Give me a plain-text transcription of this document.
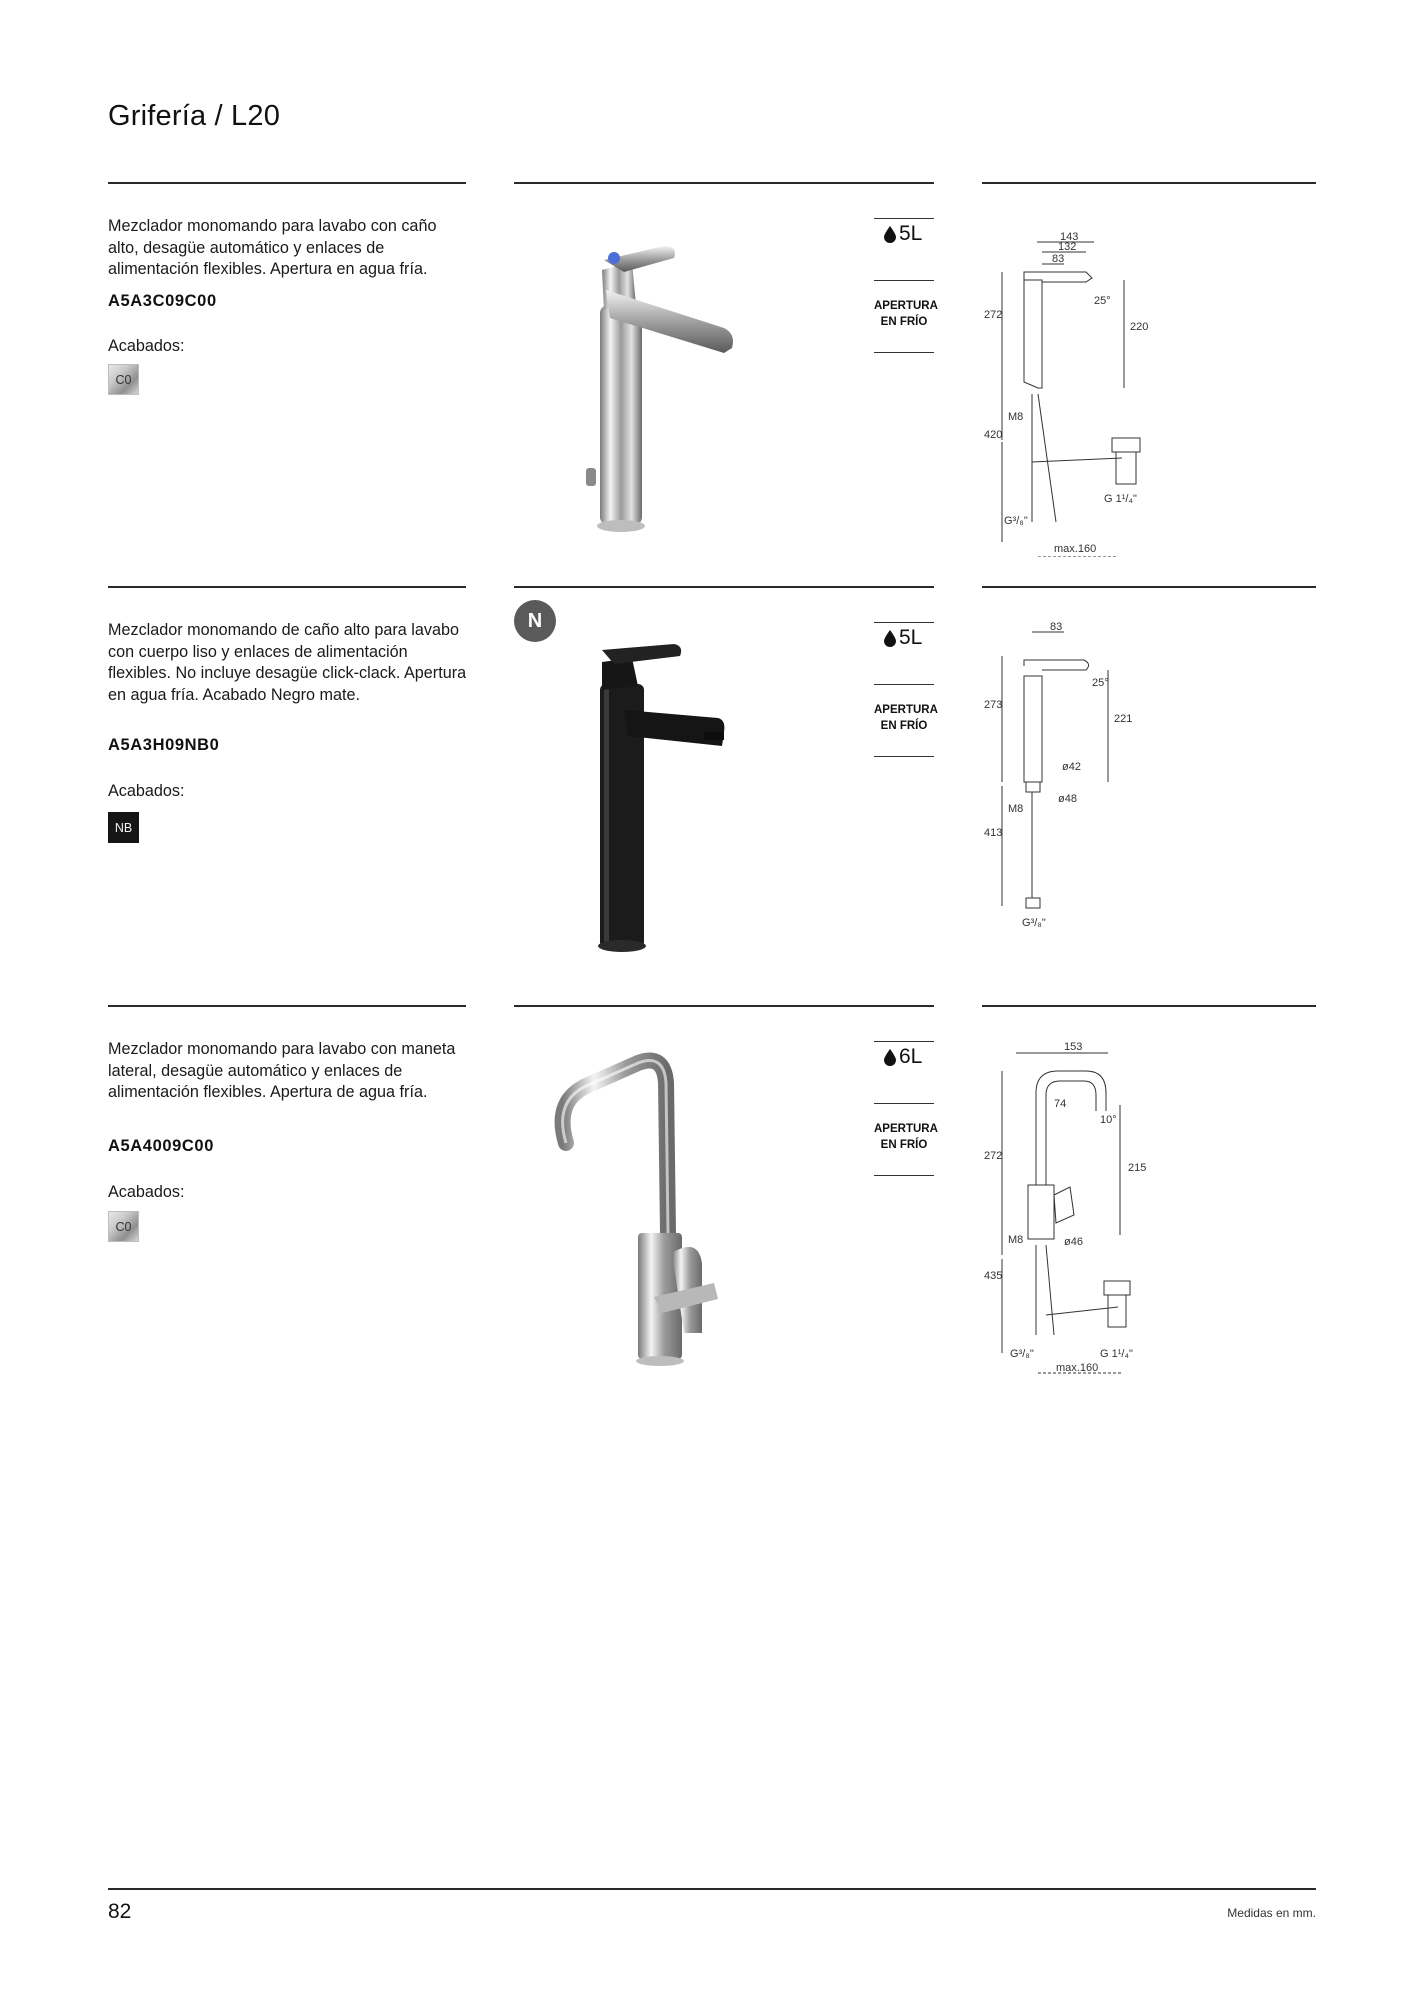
Grifería / L20
Mezclador monomando para lavabo con caño alto, desagüe automático y enlaces de alimentación flexibles. Apertura en agua fría.
A5A3C09C00
Acabados:
C0
5L
APERTURA EN FRÍO
143
132
83
25°
272
220
M8
420
G 1¹/₄"
G³/₈"
max.160
Mezclador monomando de caño alto para lavabo con cuerpo liso y enlaces de alimentación flexibles. No incluye desagüe click-clack. Apertura en agua fría. Acabado Negro mate.
A5A3H09NB0
Acabados:
NB
N
5L
APERTURA EN FRÍO
83
25°
273
221
ø42
ø48
M8
413
G³/₈"
Mezclador monomando para lavabo con maneta lateral, desagüe automático y enlaces de alimentación flexibles. Apertura de agua fría.
A5A4009C00
Acabados:
C0
6L
APERTURA EN FRÍO
153
74
10°
272
215
M8	ø46
435
G³/₈"	G 1¹/₄"
max.160
82	Medidas en mm.
